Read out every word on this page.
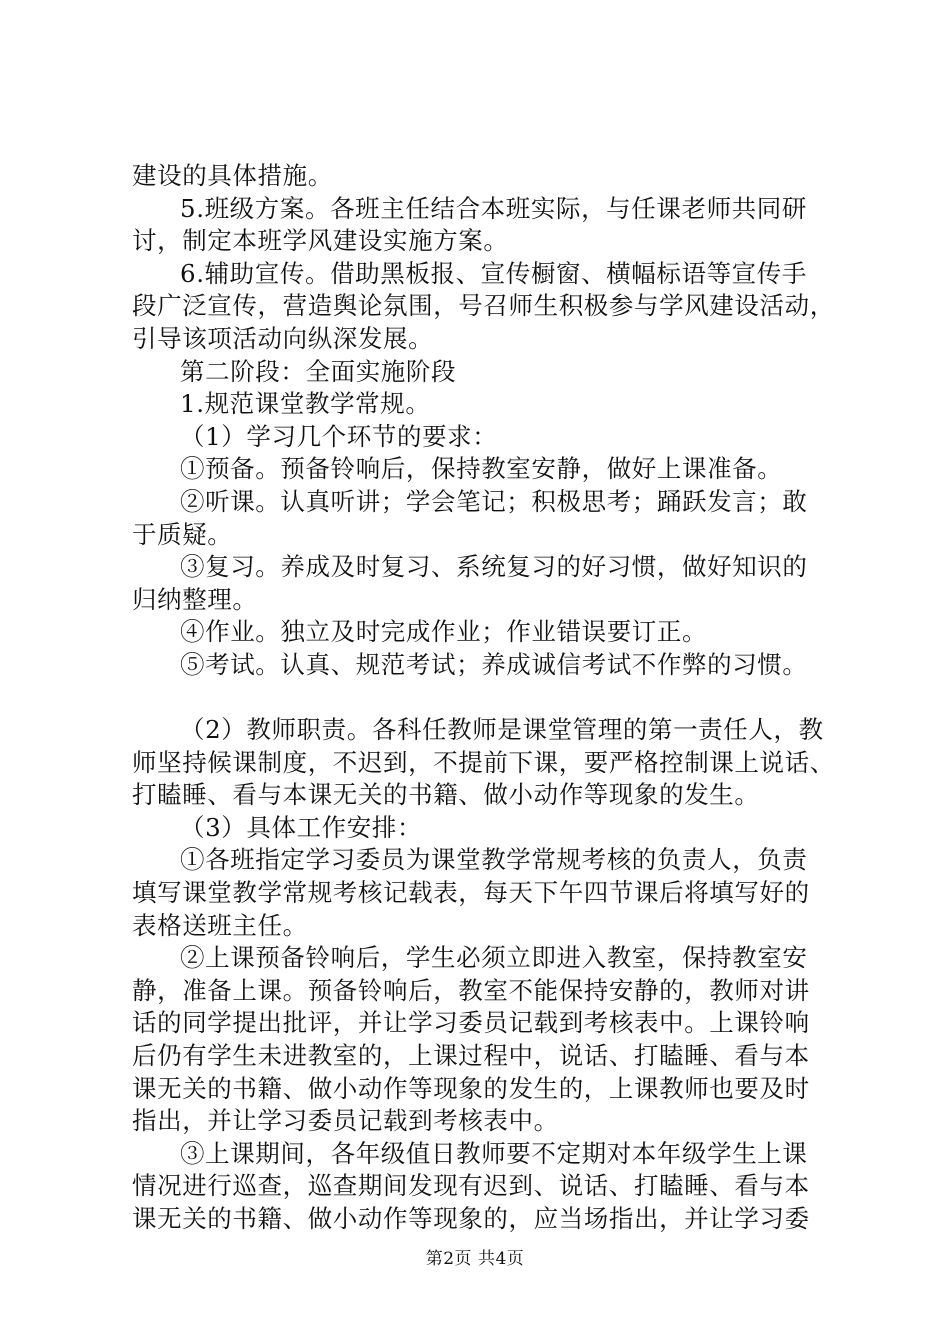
建设的具体措施。
5.班级方案。各班主任结合本班实际，与任课老师共同研
讨，制定本班学风建设实施方案。
6.辅助宣传。借助黑板报、宣传橱窗、横幅标语等宣传手
段广泛宣传，营造舆论氛围，号召师生积极参与学风建设活动，
引导该项活动向纵深发展。
第二阶段：全面实施阶段
1.规范课堂教学常规。
（1）学习几个环节的要求：
①预备。预备铃响后，保持教室安静，做好上课准备。
②听课。认真听讲；学会笔记；积极思考；踊跃发言；敢
于质疑。
③复习。养成及时复习、系统复习的好习惯，做好知识的
归纳整理。
④作业。独立及时完成作业；作业错误要订正。
⑤考试。认真、规范考试；养成诚信考试不作弊的习惯。
（2）教师职责。各科任教师是课堂管理的第一责任人，教
师坚持候课制度，不迟到，不提前下课，要严格控制课上说话、
打瞌睡、看与本课无关的书籍、做小动作等现象的发生。
（3）具体工作安排：
①各班指定学习委员为课堂教学常规考核的负责人，负责
填写课堂教学常规考核记载表，每天下午四节课后将填写好的
表格送班主任。
②上课预备铃响后，学生必须立即进入教室，保持教室安
静，准备上课。预备铃响后，教室不能保持安静的，教师对讲
话的同学提出批评，并让学习委员记载到考核表中。上课铃响
后仍有学生未进教室的，上课过程中，说话、打瞌睡、看与本
课无关的书籍、做小动作等现象的发生的，上课教师也要及时
指出，并让学习委员记载到考核表中。
③上课期间，各年级值日教师要不定期对本年级学生上课
情况进行巡查，巡查期间发现有迟到、说话、打瞌睡、看与本
课无关的书籍、做小动作等现象的，应当场指出，并让学习委
第2页 共4页
